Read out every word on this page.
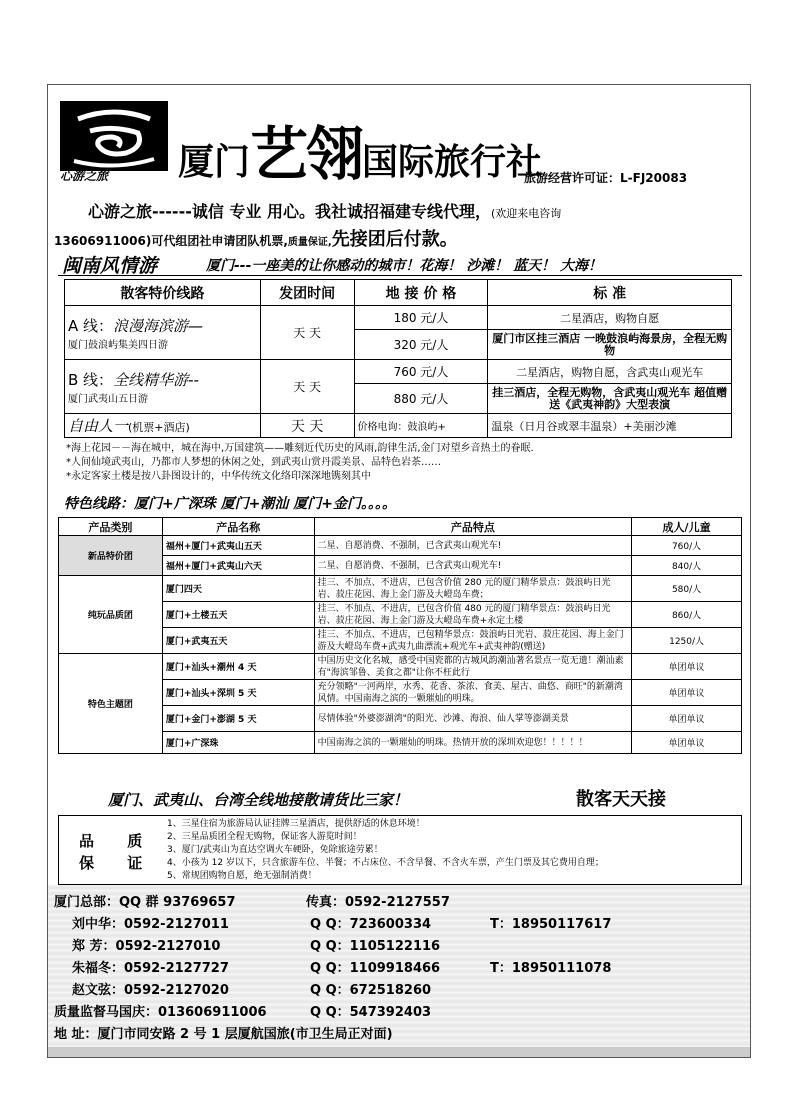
心游之旅	厦门艺翎国际旅行社
旅游经营许可证：L-FJ20083
心游之旅------诚信 专业 用心。我社诚招福建专线代理，(欢迎来电咨询
13606911006)可代组团社申请团队机票,质量保证,先接团后付款。
闽南风情游	厦门---一座美的让你感动的城市！花海！ 沙滩！ 蓝天！ 大海！
散客特价线路	发团时间	地 接 价 格	标 准

A 线：浪漫海滨游—
厦门鼓浪屿集美四日游	天 天	180 元/人	二星酒店，购物自愿
		320 元/人	厦门市区挂三酒店 一晚鼓浪屿海景房，全程无购物

B 线：全线精华游--
厦门武夷山五日游	天 天	760 元/人	二星酒店，购物自愿，含武夷山观光车
		880 元/人	挂三酒店，全程无购物，含武夷山观光车 超值赠送《武夷神韵》大型表演
自由人一(机票+酒店)	天 天	价格电询：鼓浪屿+	温泉（日月谷或翠丰温泉）+美丽沙滩
*海上花园－－海在城中，城在海中,万国建筑——雕刻近代历史的风雨,韵律生活,金门对望乡音热土的眷眠.
*人间仙境武夷山，乃都市人梦想的休闲之处，到武夷山赏丹霞美景、品特色岩茶……
*永定客家土楼是按八卦图设计的，中华传统文化络印深深地镌刻其中
特色线路：厦门+广深珠 厦门+潮汕 厦门+金门。。。。
产品类别	产品名称	产品特点	成人/儿童
新品特价团	福州+厦门+武夷山五天	二星、自愿消费、不强制，已含武夷山观光车!	760/人
	福州+厦门+武夷山六天	二星、自愿消费、不强制，已含武夷山观光车!	840/人
纯玩品质团	厦门四天	挂三、不加点、不进店，已包含价值 280 元的厦门精华景点：鼓浪屿日光岩、菽庄花园、海上金门游及大嶝岛车费；	580/人
	厦门+土楼五天	挂三、不加点、不进店，已包含价值 480 元的厦门精华景点：鼓浪屿日光岩、菽庄花园、海上金门游及大嶝岛车费+永定土楼	860/人
	厦门+武夷五天	挂三、不加点、不进店，已包精华景点：鼓浪屿日光岩、菽庄花园、海上金门游及大嶝岛车费+武夷九曲漂流+观光车+武夷神韵(赠送)	1250/人
特色主题团	厦门+汕头+潮州 4 天	中国历史文化名城，感受中国瓷都的古城风韵潮汕著名景点一览无遗！潮汕素有"海滨邹鲁、美食之都"让你不枉此行	单团单议
	厦门+汕头+深圳 5 天	充分领略"一河两岸，水秀、花香、茶浓、食美、屋古、曲悠、商旺"的新潮湾风情。中国南海之滨的一颗璀灿的明珠。	单团单议
	厦门+金门+澎湖 5 天	尽情体验"外婆澎湖湾"的阳光、沙滩、海浪、仙人掌等澎湖美景	单团单议
	厦门+广深珠	中国南海之滨的一颗璀灿的明珠。热情开放的深圳欢迎您！！！！！	单团单议
厦门、武夷山、台湾全线地接散请货比三家！	散客天天接
品 质 保 证
1、三星住宿为旅游局认证挂牌三星酒店，提供舒适的休息环境！
2、三星品质团全程无购物，保证客人游览时间！
3、厦门/武夷山为直达空调火车硬卧，免除旅途劳累！
4、小孩为 12 岁以下，只含旅游车位、半餐；不占床位、不含早餐、不含火车票，产生门票及其它费用自理；
5、常规团购物自愿，绝无强制消费！
厦门总部：QQ 群 93769657	传真：0592-2127557
刘中华：0592-2127011	Q Q：723600334	T：18950117617
郑 芳：0592-2127010	Q Q：1105122116
朱福冬：0592-2127727	Q Q：1109918466	T：18950111078
赵文弦：0592-2127020	Q Q：672518260
质量监督马国庆：013606911006	Q Q：547392403
地 址：厦门市同安路 2 号 1 层厦航国旅(市卫生局正对面)
